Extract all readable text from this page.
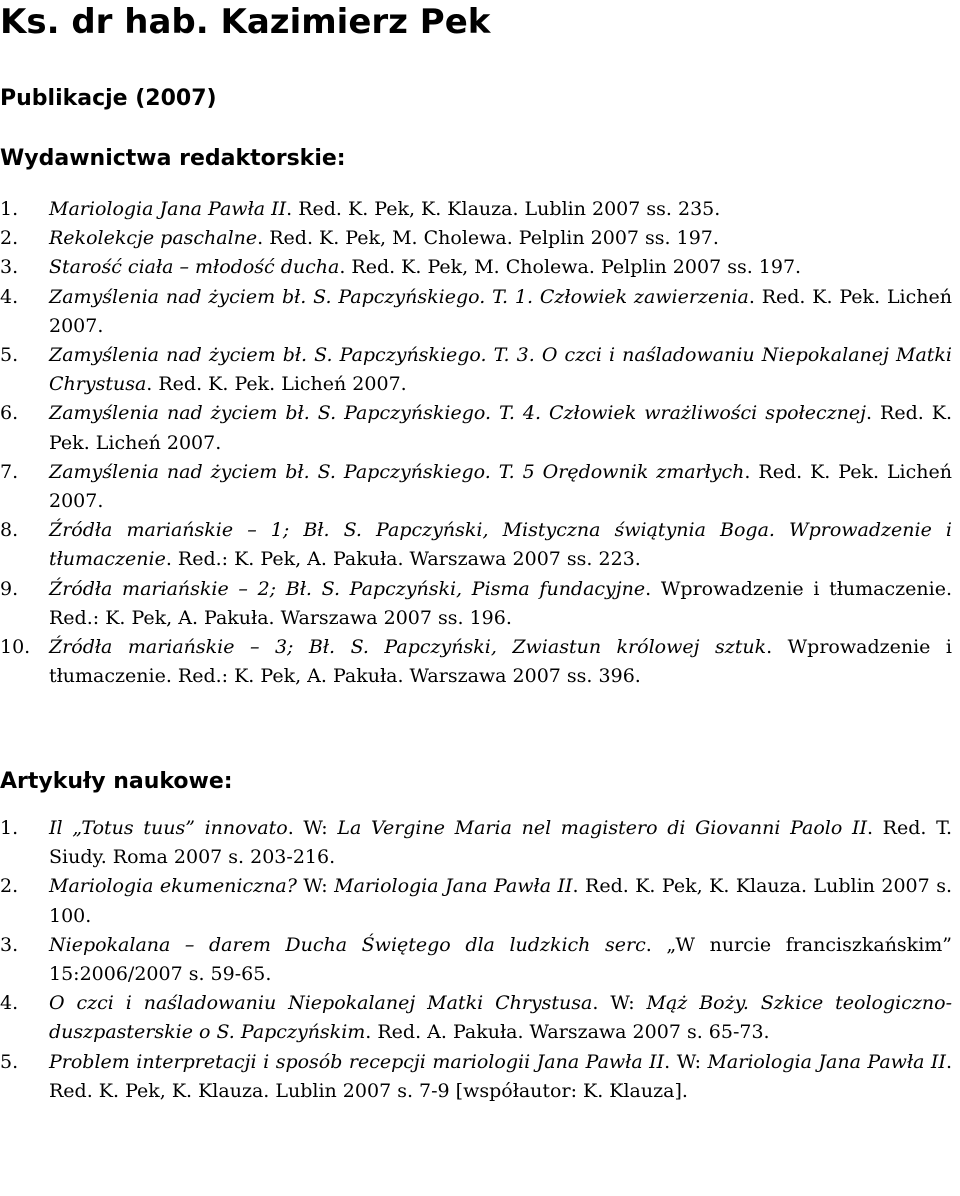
Ks. dr hab. Kazimierz Pek
Publikacje (2007)
Wydawnictwa redaktorskie:
1. Mariologia Jana Pawła II. Red. K. Pek, K. Klauza. Lublin 2007 ss. 235.
2. Rekolekcje paschalne. Red. K. Pek, M. Cholewa. Pelplin 2007 ss. 197.
3. Starość ciała – młodość ducha. Red. K. Pek, M. Cholewa. Pelplin 2007 ss. 197.
4. Zamyślenia nad życiem bł. S. Papczyńskiego. T. 1. Człowiek zawierzenia. Red. K. Pek. Licheń 2007.
5. Zamyślenia nad życiem bł. S. Papczyńskiego. T. 3. O czci i naśladowaniu Niepokalanej Matki Chrystusa. Red. K. Pek. Licheń 2007.
6. Zamyślenia nad życiem bł. S. Papczyńskiego. T. 4. Człowiek wrażliwości społecznej. Red. K. Pek. Licheń 2007.
7. Zamyślenia nad życiem bł. S. Papczyńskiego. T. 5 Orędownik zmarłych. Red. K. Pek. Licheń 2007.
8. Źródła mariańskie – 1; Bł. S. Papczyński, Mistyczna świątynia Boga. Wprowadzenie i tłumaczenie. Red.: K. Pek, A. Pakuła. Warszawa 2007 ss. 223.
9. Źródła mariańskie – 2; Bł. S. Papczyński, Pisma fundacyjne. Wprowadzenie i tłumaczenie. Red.: K. Pek, A. Pakuła. Warszawa 2007 ss. 196.
10. Źródła mariańskie – 3; Bł. S. Papczyński, Zwiastun królowej sztuk. Wprowadzenie i tłumaczenie. Red.: K. Pek, A. Pakuła. Warszawa 2007 ss. 396.
Artykuły naukowe:
1. Il „Totus tuus” innovato. W: La Vergine Maria nel magistero di Giovanni Paolo II. Red. T. Siudy. Roma 2007 s. 203-216.
2. Mariologia ekumeniczna? W: Mariologia Jana Pawła II. Red. K. Pek, K. Klauza. Lublin 2007 s. 100.
3. Niepokalana – darem Ducha Świętego dla ludzkich serc. „W nurcie franciszkańskim” 15:2006/2007 s. 59-65.
4. O czci i naśladowaniu Niepokalanej Matki Chrystusa. W: Mąż Boży. Szkice teologiczno-duszpasterskie o S. Papczyńskim. Red. A. Pakuła. Warszawa 2007 s. 65-73.
5. Problem interpretacji i sposób recepcji mariologii Jana Pawła II. W: Mariologia Jana Pawła II. Red. K. Pek, K. Klauza. Lublin 2007 s. 7-9 [współautor: K. Klauza].
